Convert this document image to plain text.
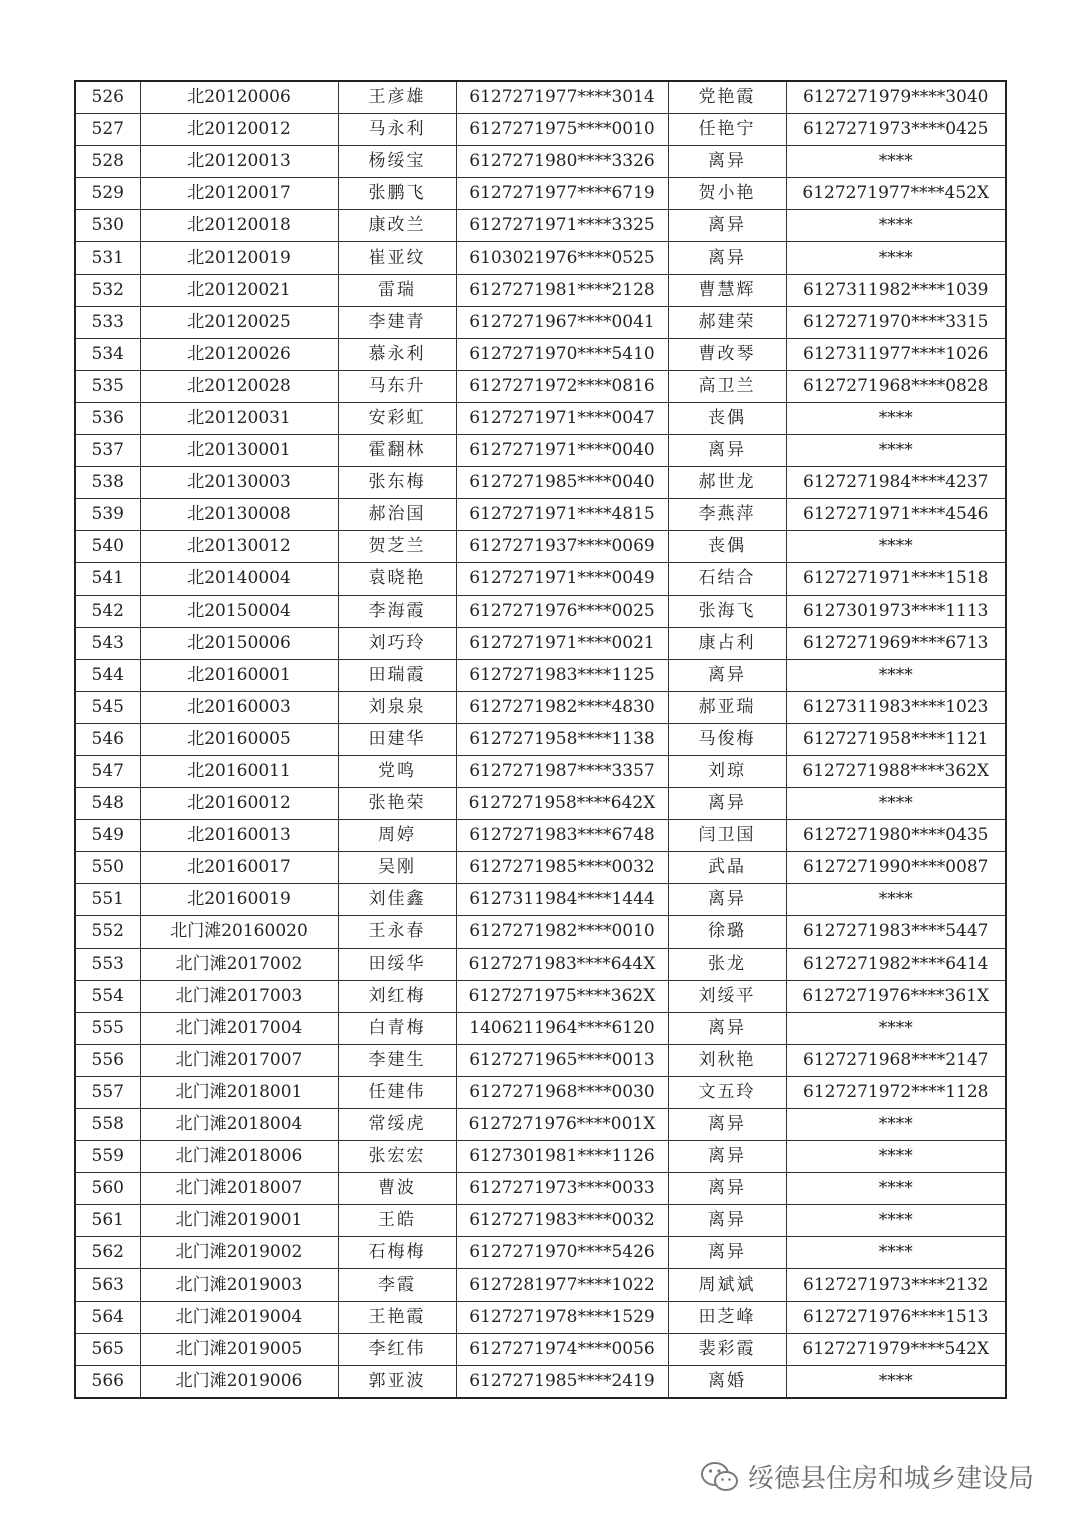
526	北20120006	王彦雄	6127271977****3014	党艳霞	6127271979****3040
527	北20120012	马永利	6127271975****0010	任艳宁	6127271973****0425
528	北20120013	杨绥宝	6127271980****3326	离异	****
529	北20120017	张鹏飞	6127271977****6719	贺小艳	6127271977****452X
530	北20120018	康改兰	6127271971****3325	离异	****
531	北20120019	崔亚纹	6103021976****0525	离异	****
532	北20120021	雷瑞	6127271981****2128	曹慧辉	6127311982****1039
533	北20120025	李建青	6127271967****0041	郝建荣	6127271970****3315
534	北20120026	慕永利	6127271970****5410	曹改琴	6127311977****1026
535	北20120028	马东升	6127271972****0816	高卫兰	6127271968****0828
536	北20120031	安彩虹	6127271971****0047	丧偶	****
537	北20130001	霍翻林	6127271971****0040	离异	****
538	北20130003	张东梅	6127271985****0040	郝世龙	6127271984****4237
539	北20130008	郝治国	6127271971****4815	李燕萍	6127271971****4546
540	北20130012	贺芝兰	6127271937****0069	丧偶	****
541	北20140004	袁晓艳	6127271971****0049	石结合	6127271971****1518
542	北20150004	李海霞	6127271976****0025	张海飞	6127301973****1113
543	北20150006	刘巧玲	6127271971****0021	康占利	6127271969****6713
544	北20160001	田瑞霞	6127271983****1125	离异	****
545	北20160003	刘泉泉	6127271982****4830	郝亚瑞	6127311983****1023
546	北20160005	田建华	6127271958****1138	马俊梅	6127271958****1121
547	北20160011	党鸣	6127271987****3357	刘琼	6127271988****362X
548	北20160012	张艳荣	6127271958****642X	离异	****
549	北20160013	周婷	6127271983****6748	闫卫国	6127271980****0435
550	北20160017	吴刚	6127271985****0032	武晶	6127271990****0087
551	北20160019	刘佳鑫	6127311984****1444	离异	****
552	北门滩20160020	王永春	6127271982****0010	徐璐	6127271983****5447
553	北门滩2017002	田绥华	6127271983****644X	张龙	6127271982****6414
554	北门滩2017003	刘红梅	6127271975****362X	刘绥平	6127271976****361X
555	北门滩2017004	白青梅	1406211964****6120	离异	****
556	北门滩2017007	李建生	6127271965****0013	刘秋艳	6127271968****2147
557	北门滩2018001	任建伟	6127271968****0030	文五玲	6127271972****1128
558	北门滩2018004	常绥虎	6127271976****001X	离异	****
559	北门滩2018006	张宏宏	6127301981****1126	离异	****
560	北门滩2018007	曹波	6127271973****0033	离异	****
561	北门滩2019001	王皓	6127271983****0032	离异	****
562	北门滩2019002	石梅梅	6127271970****5426	离异	****
563	北门滩2019003	李霞	6127281977****1022	周斌斌	6127271973****2132
564	北门滩2019004	王艳霞	6127271978****1529	田芝峰	6127271976****1513
565	北门滩2019005	李红伟	6127271974****0056	裴彩霞	6127271979****542X
566	北门滩2019006	郭亚波	6127271985****2419	离婚	****
绥德县住房和城乡建设局
